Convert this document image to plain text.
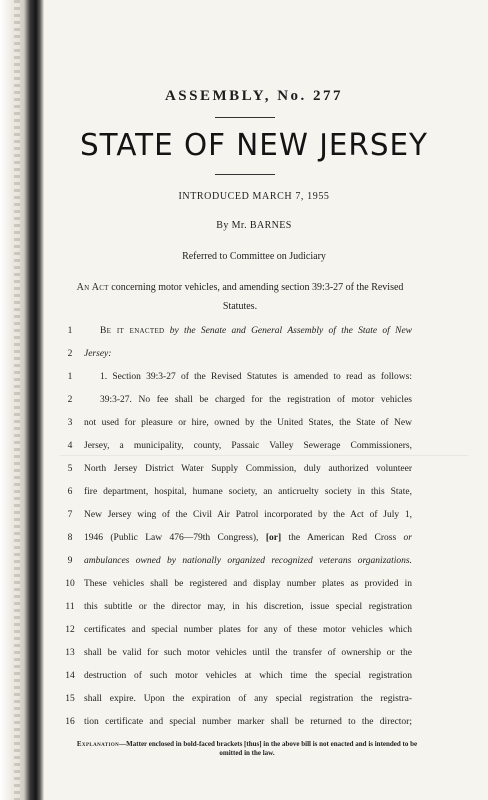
ASSEMBLY, No. 277
STATE OF NEW JERSEY
INTRODUCED MARCH 7, 1955
By Mr. BARNES
Referred to Committee on Judiciary
An Act concerning motor vehicles, and amending section 39:3-27 of the Revised Statutes.
1	Be it enacted by the Senate and General Assembly of the State of New
2	Jersey:
1	1. Section 39:3-27 of the Revised Statutes is amended to read as follows:
2	39:3-27. No fee shall be charged for the registration of motor vehicles
3	not used for pleasure or hire, owned by the United States, the State of New
4	Jersey, a municipality, county, Passaic Valley Sewerage Commissioners,
5	North Jersey District Water Supply Commission, duly authorized volunteer
6	fire department, hospital, humane society, an anticruelty society in this State,
7	New Jersey wing of the Civil Air Patrol incorporated by the Act of July 1,
8	1946 (Public Law 476—79th Congress), [or] the American Red Cross or
9	ambulances owned by nationally organized recognized veterans organizations.
10 These vehicles shall be registered and display number plates as provided in
11 this subtitle or the director may, in his discretion, issue special registration
12 certificates and special number plates for any of these motor vehicles which
13 shall be valid for such motor vehicles until the transfer of ownership or the
14 destruction of such motor vehicles at which time the special registration
15 shall expire. Upon the expiration of any special registration the registra-
16 tion certificate and special number marker shall be returned to the director;
Explanation—Matter enclosed in bold-faced brackets [thus] in the above bill is not enacted and is intended to be omitted in the law.
